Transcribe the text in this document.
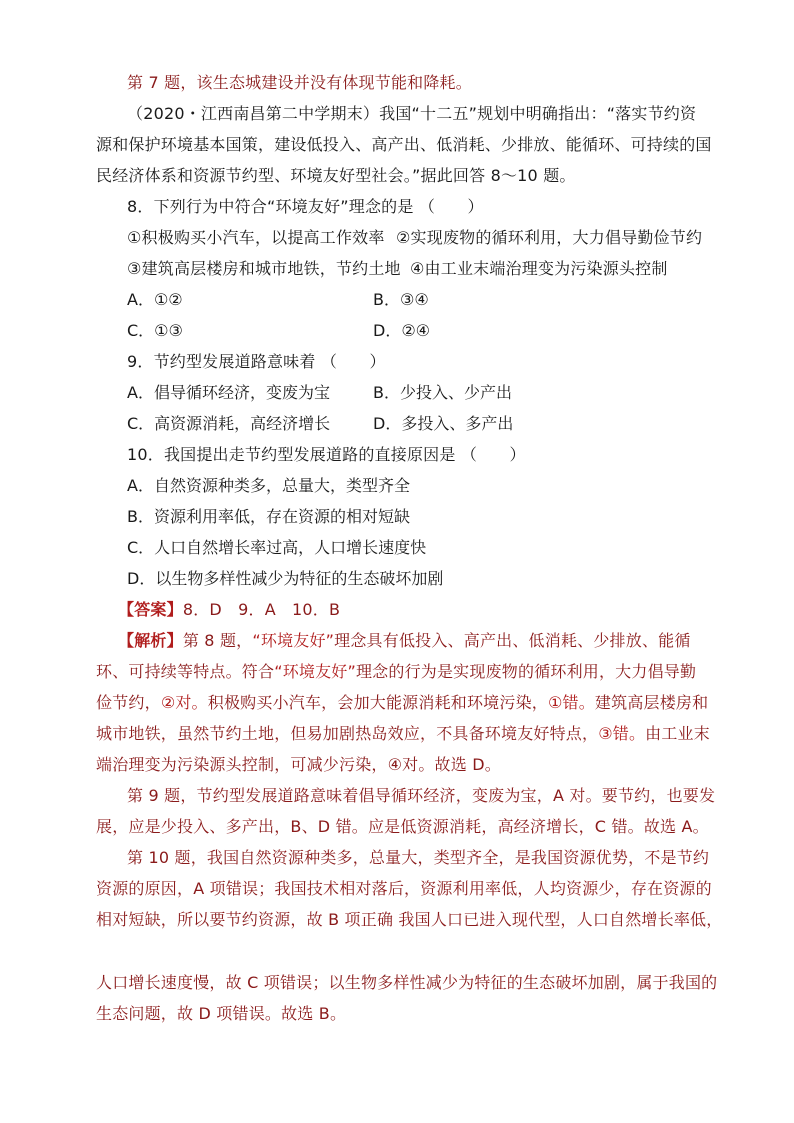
第 7 题，该生态城建设并没有体现节能和降耗。
（2020・江西南昌第二中学期末）我国“十二五”规划中明确指出：“落实节约资
源和保护环境基本国策，建设低投入、高产出、低消耗、少排放、能循环、可持续的国
民经济体系和资源节约型、环境友好型社会。”据此回答 8～10 题。
8．下列行为中符合“环境友好”理念的是 （　　）
①积极购买小汽车，以提高工作效率 ②实现废物的循环利用，大力倡导勤俭节约
③建筑高层楼房和城市地铁，节约土地 ④由工业末端治理变为污染源头控制
A．①②	B．③④
C．①③	D．②④
9．节约型发展道路意味着 （　　）
A．倡导循环经济，变废为宝	B．少投入、少产出
C．高资源消耗，高经济增长	D．多投入、多产出
10．我国提出走节约型发展道路的直接原因是 （　　）
A．自然资源种类多，总量大，类型齐全
B．资源利用率低，存在资源的相对短缺
C．人口自然增长率过高，人口增长速度快
D．以生物多样性减少为特征的生态破坏加剧
【答案】8．D　9．A　10．B
【解析】第 8 题，“环境友好”理念具有低投入、高产出、低消耗、少排放、能循
环、可持续等特点。符合“环境友好”理念的行为是实现废物的循环利用，大力倡导勤
俭节约，②对。积极购买小汽车，会加大能源消耗和环境污染，①错。建筑高层楼房和
城市地铁，虽然节约土地，但易加剧热岛效应，不具备环境友好特点，③错。由工业末
端治理变为污染源头控制，可减少污染，④对。故选 D。
第 9 题，节约型发展道路意味着倡导循环经济，变废为宝，A 对。要节约，也要发
展，应是少投入、多产出，B、D 错。应是低资源消耗，高经济增长，C 错。故选 A。
第 10 题，我国自然资源种类多，总量大，类型齐全，是我国资源优势，不是节约
资源的原因，A 项错误；我国技术相对落后，资源利用率低，人均资源少，存在资源的
相对短缺，所以要节约资源，故 B 项正确 我国人口已进入现代型，人口自然增长率低，
人口增长速度慢，故 C 项错误；以生物多样性减少为特征的生态破坏加剧，属于我国的
生态问题，故 D 项错误。故选 B。
